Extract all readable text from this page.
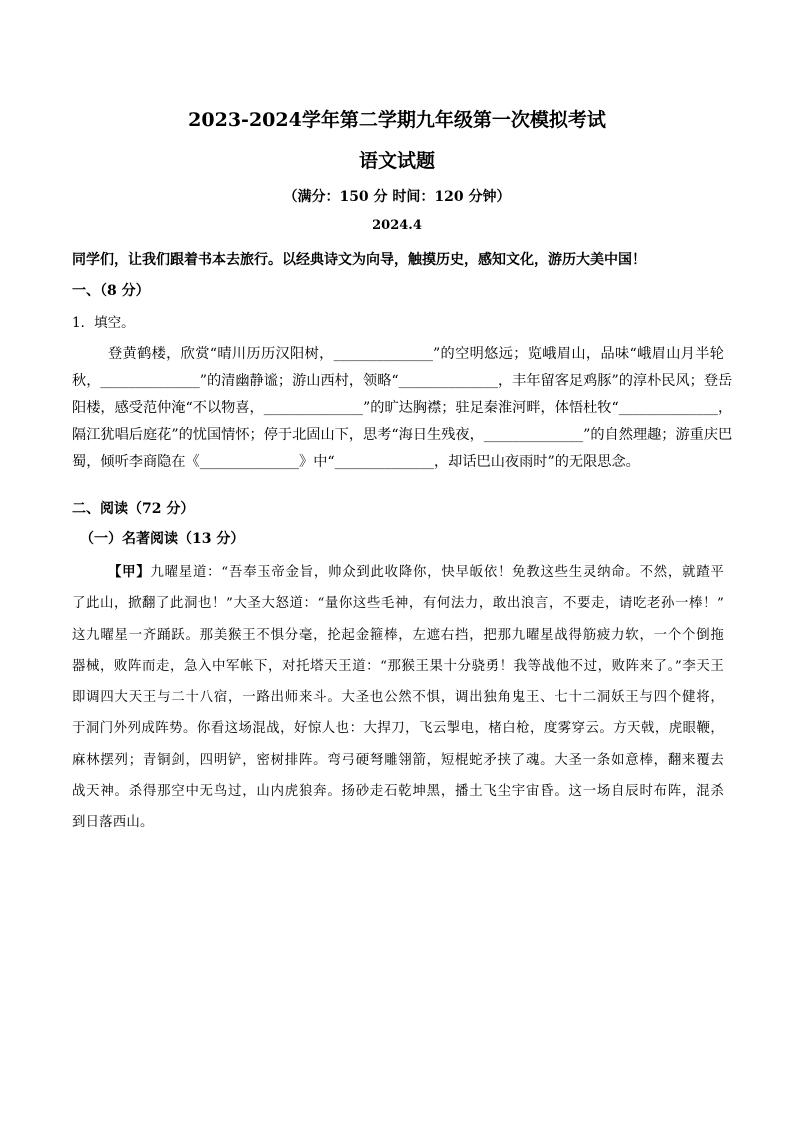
2023-2024学年第二学期九年级第一次模拟考试
语文试题
（满分：150 分 时间：120 分钟）
2024.4
同学们，让我们跟着书本去旅行。以经典诗文为向导，触摸历史，感知文化，游历大美中国！
一、（8 分）
1．填空。
登黄鹤楼，欣赏“晴川历历汉阳树，______________”的空明悠远；览峨眉山，品味“峨眉山月半轮
秋，______________”的清幽静谧；游山西村，领略“______________，丰年留客足鸡豚”的淳朴民风；登岳
阳楼，感受范仲淹“不以物喜，______________”的旷达胸襟；驻足秦淮河畔，体悟杜牧“______________，
隔江犹唱后庭花”的忧国情怀；停于北固山下，思考“海日生残夜，______________”的自然理趣；游重庆巴
蜀，倾听李商隐在《______________》中“______________，却话巴山夜雨时”的无限思念。
二、阅读（72 分）
（一）名著阅读（13 分）
【甲】九曜星道：“吾奉玉帝金旨，帅众到此收降你，快早皈依！免教这些生灵纳命。不然，就蹅平
了此山，掀翻了此洞也！”大圣大怒道：“量你这些毛神，有何法力，敢出浪言，不要走，请吃老孙一棒！”
这九曜星一齐踊跃。那美猴王不惧分毫，抡起金箍棒，左遮右挡，把那九曜星战得筋疲力软，一个个倒拖
器械，败阵而走，急入中军帐下，对托塔天王道：“那猴王果十分骁勇！我等战他不过，败阵来了。”李天王
即调四大天王与二十八宿，一路出师来斗。大圣也公然不惧，调出独角鬼王、七十二洞妖王与四个健将，
于洞门外列成阵势。你看这场混战，好惊人也：大捍刀，飞云掣电，楮白枪，度雾穿云。方天戟，虎眼鞭，
麻林摆列；青铜剑，四明铲，密树排阵。弯弓硬弩雕翎箭，短棍蛇矛挟了魂。大圣一条如意棒，翻来覆去
战天神。杀得那空中无鸟过，山内虎狼奔。扬砂走石乾坤黑，播土飞尘宇宙昏。这一场自辰时布阵，混杀
到日落西山。
